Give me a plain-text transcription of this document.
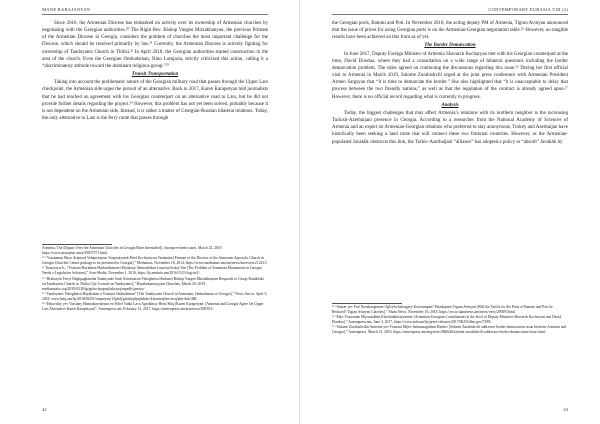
MANE BABAJANYAN

Since 2016, the Armenian Diocese has embarked on activity over its ownership of Armenian churches by negotiating with the Georgian authorities.²⁰ The Right Rev. Bishop Vazgen Mirzakhanyan, the previous Primate of the Armenian Diocese in Georgia, considers the problem of churches the most important challenge for the Diocese, which should be resolved primarily by law.²¹ Currently, the Armenian Diocese is actively fighting for ownership of Tandoyants Church in Tbilisi.²² In April 2018, the Georgian authorities started construction in the area of the church. Even the Georgian Ombudsman, Nino Lomjaria, strictly criticized this action, calling it a “discriminatory attitude toward the dominant religious group.”²³

Transit Transportation

Taking into account the problematic nature of the Georgian military road that passes through the Upper Lars checkpoint, the Armenian side urges the pursuit of an alternative. Back in 2017, Karen Karapetyan told journalists that he had reached an agreement with his Georgian counterpart on an alternative road to Lars, but he did not provide further details regarding the project.²⁴ However, this problem has not yet been solved, probably because it is not dependent on the Armenian side. Instead, it is rather a matter of Georgian-Russian bilateral relations. Today, the only alternative to Lars is the ferry route that passes through

Armenia, The Dispute Over the Armenian Churches in Georgia Have Intensified], choraps-evheds-xuses, March 22, 2019, https://www.azatutyun.am/a/29837571.html.

²⁰ “Vrastanum Hayu Arajnord Vehapetutyun Vorpisutyamb Petel Kechiyatyun Vardanian [Primate of the Diocese of the Armenian Apostolic Church in Georgia Churches’ return package to be presented to Georgia],” Mediamax, November 18, 2014, https://www.mediamax.am/am/news/interviews/12211/.

²¹ Tavaryayn A., “Vrastani Haykakan Hushardzanneri Khaskuty Omtoubeltan Lusavan Kukiy Um [The Problem of Armenian Monuments in Georgia Needs a Legislative Solution],” Arm-Media, November 1, 2016, https://ly.arminfo.am/2016/11/01/tag-in/1/.

²² “Hrabaryin Tertyi Haghpaghanoha Tandoyants Surb Astvatsatsin Yekeghetsu Hasham [Bishop Vazgen Mirzakhanyan Responds to Giorgi Kandelaki on Tandoyants Church in Tbilisi City Council on Tandoyants],” Hayakakaniayq.am Churches, March 20, 2019, mediamaxhy.org/2019/03/20/grigoluchyapayltakyayq/mpedly/pmiyy/.

²³ “Tandoyants Yekeghetsu Hayakakan u Vrastani Ombudsman” [The Tandoyants Church in Armenian, Ombudsman of Georgia],” News.Am.ru, April 5, 2018, www.hetq.am/hy/2018/04/05/vhapatyeq/1/lghdj/gdcrbiqdpqdxbrbr/4/mniteajbin-aerq/akh-dub/468.

²⁴ “Hatavishy yev Vrastany Hamadzaynutyun en Yeltel Vanki Lava Aptokinisy Hetsi Shiq [Karen Karapetyan: [Armenia and Georgia Agree On Upper Lars Alternative Karen Karapetyan]”, Armenpress.am, February 13, 2017, https://armenpress.am/arm/news/881851/.

42
CONTEMPORARY EURASIA VIII (2)

the Georgian ports, Batumi and Poti. In November 2018, the acting deputy PM of Armenia, Tigran Avinyan announced that the issue of prices for using Georgian ports is on the Armenian-Georgian negotiation table.²⁵ However, no tangible results have been achieved on this front as of yet.

The Border Demarcation

In June 2017, Deputy Foreign Minister of Armenia Shavarsh Kocharyan met with his Georgian counterpart at the time, David Dondua, where they had a consultation on a wide range of bilateral questions including the border demarcation problem. The sides agreed on continuing the discussions regarding this issue.²⁶ During her first official visit to Armenia in March 2019, Salome Zurabishvili urged at the joint press conference with Armenian President Armen Sargsyan that “it is time to demarcate the border.” She also highlighted that “it is unacceptable to delay that process between the two friendly nations,” as well as that the regulation of the contract is already agreed upon.²⁷ However, there is no official record regarding what is currently in progress.

Analysis

Today, the biggest challenges that may affect Armenia’s relations with its northern neighbor is the increasing Turkish-Azerbaijani presence in Georgia. According to a researcher from the National Academy of Sciences of Armenia and an expert on Armenian-Georgian relations who preferred to stay anonymous, Turkey and Azerbaijan have historically been seeking a land route that will connect these two fraternal countries. However, as the Armenian-populated Javakhk obstructs this link, the Turkic-Azerbaijani “alliance” has adopted a policy to “absorb” Javakhk by

²⁵ “Sanrer yev Poti Navahangistner Oglvelu Saksagery Kotorumpen? Patashaneis Tigran Avinyan [Will the Tariffs for the Ports of Batumi and Poti be Reduced? Tigran Avinyan Clarifies],” Shant News, November 16, 2018, https://www.shantnews.am/news/view/290391html.

²⁶ “Hay-Vrastanian Mijeurtakhin Khorhrdaktsutyunner [Armenian-Georgian Consultations at the level of Deputy Ministers Shavarsh Kocharyan and David Dondua],” Armenpress.am, June 3, 2017, https://www.mfa.am/hy/press-releases/2017/06/03/dfm-geo/7398/.

²⁷ “Salome Zurabishvilin Armenia yev Vrastani Mijev Sahmanagitsum Harkov [Salome Zurabishvili addresses border demarcation issue between Armenia and Georgia],” Armenpress, March 13, 2019, https://armenpress.am/eng/news/966040/salome-zurabishvili-addresses-border-demarcation-issue.html.

43
